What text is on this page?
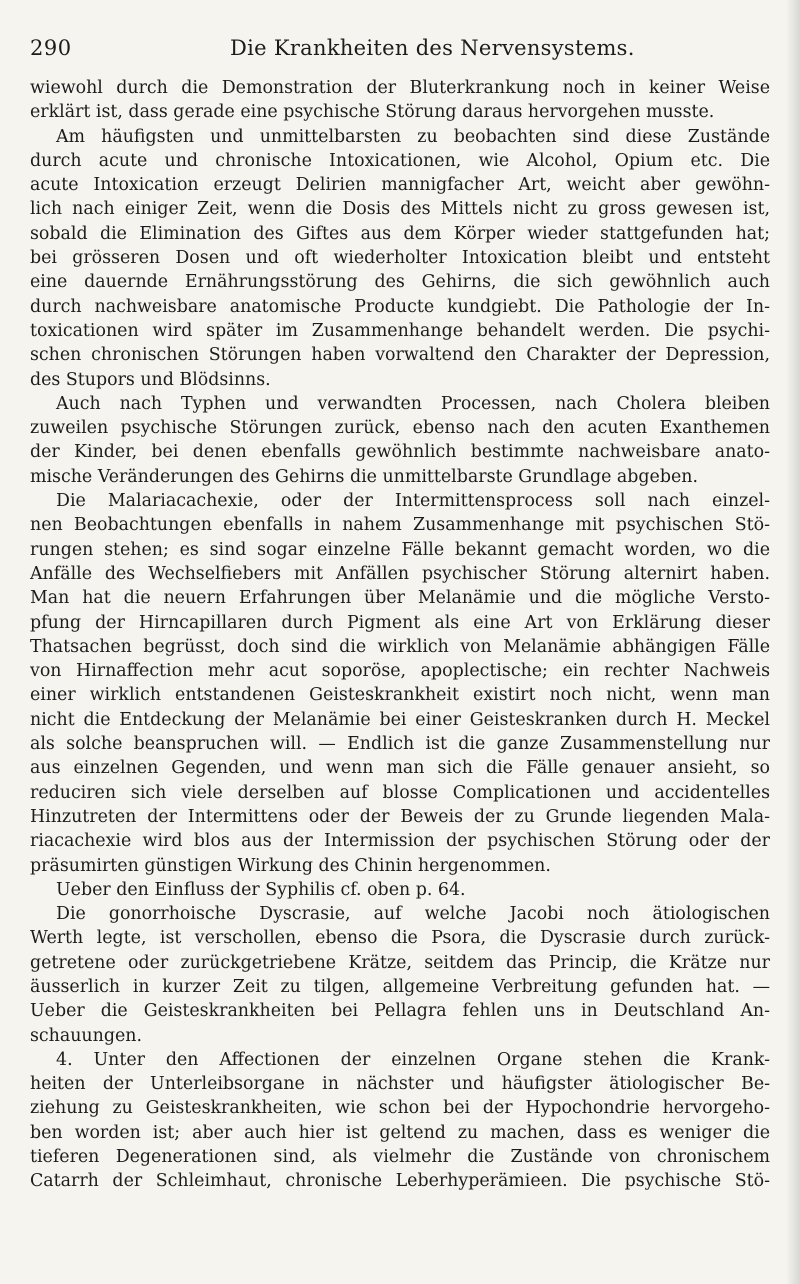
290	Die Krankheiten des Nervensystems.
wiewohl durch die Demonstration der Bluterkrankung noch in keiner Weise
erklärt ist, dass gerade eine psychische Störung daraus hervorgehen musste.
Am häufigsten und unmittelbarsten zu beobachten sind diese Zustände
durch acute und chronische Intoxicationen, wie Alcohol, Opium etc. Die
acute Intoxication erzeugt Delirien mannigfacher Art, weicht aber gewöhn-
lich nach einiger Zeit, wenn die Dosis des Mittels nicht zu gross gewesen ist,
sobald die Elimination des Giftes aus dem Körper wieder stattgefunden hat;
bei grösseren Dosen und oft wiederholter Intoxication bleibt und entsteht
eine dauernde Ernährungsstörung des Gehirns, die sich gewöhnlich auch
durch nachweisbare anatomische Producte kundgiebt. Die Pathologie der In-
toxicationen wird später im Zusammenhange behandelt werden. Die psychi-
schen chronischen Störungen haben vorwaltend den Charakter der Depression,
des Stupors und Blödsinns.
Auch nach Typhen und verwandten Processen, nach Cholera bleiben
zuweilen psychische Störungen zurück, ebenso nach den acuten Exanthemen
der Kinder, bei denen ebenfalls gewöhnlich bestimmte nachweisbare anato-
mische Veränderungen des Gehirns die unmittelbarste Grundlage abgeben.
Die Malariacachexie, oder der Intermittensprocess soll nach einzel-
nen Beobachtungen ebenfalls in nahem Zusammenhange mit psychischen Stö-
rungen stehen; es sind sogar einzelne Fälle bekannt gemacht worden, wo die
Anfälle des Wechselfiebers mit Anfällen psychischer Störung alternirt haben.
Man hat die neuern Erfahrungen über Melanämie und die mögliche Versto-
pfung der Hirncapillaren durch Pigment als eine Art von Erklärung dieser
Thatsachen begrüsst, doch sind die wirklich von Melanämie abhängigen Fälle
von Hirnaffection mehr acut soporöse, apoplectische; ein rechter Nachweis
einer wirklich entstandenen Geisteskrankheit existirt noch nicht, wenn man
nicht die Entdeckung der Melanämie bei einer Geisteskranken durch H. Meckel
als solche beanspruchen will. — Endlich ist die ganze Zusammenstellung nur
aus einzelnen Gegenden, und wenn man sich die Fälle genauer ansieht, so
reduciren sich viele derselben auf blosse Complicationen und accidentelles
Hinzutreten der Intermittens oder der Beweis der zu Grunde liegenden Mala-
riacachexie wird blos aus der Intermission der psychischen Störung oder der
präsumirten günstigen Wirkung des Chinin hergenommen.
Ueber den Einfluss der Syphilis cf. oben p. 64.
Die gonorrhoische Dyscrasie, auf welche Jacobi noch ätiologischen
Werth legte, ist verschollen, ebenso die Psora, die Dyscrasie durch zurück-
getretene oder zurückgetriebene Krätze, seitdem das Princip, die Krätze nur
äusserlich in kurzer Zeit zu tilgen, allgemeine Verbreitung gefunden hat. —
Ueber die Geisteskrankheiten bei Pellagra fehlen uns in Deutschland An-
schauungen.
4. Unter den Affectionen der einzelnen Organe stehen die Krank-
heiten der Unterleibsorgane in nächster und häufigster ätiologischer Be-
ziehung zu Geisteskrankheiten, wie schon bei der Hypochondrie hervorgeho-
ben worden ist; aber auch hier ist geltend zu machen, dass es weniger die
tieferen Degenerationen sind, als vielmehr die Zustände von chronischem
Catarrh der Schleimhaut, chronische Leberhyperämieen. Die psychische Stö-
